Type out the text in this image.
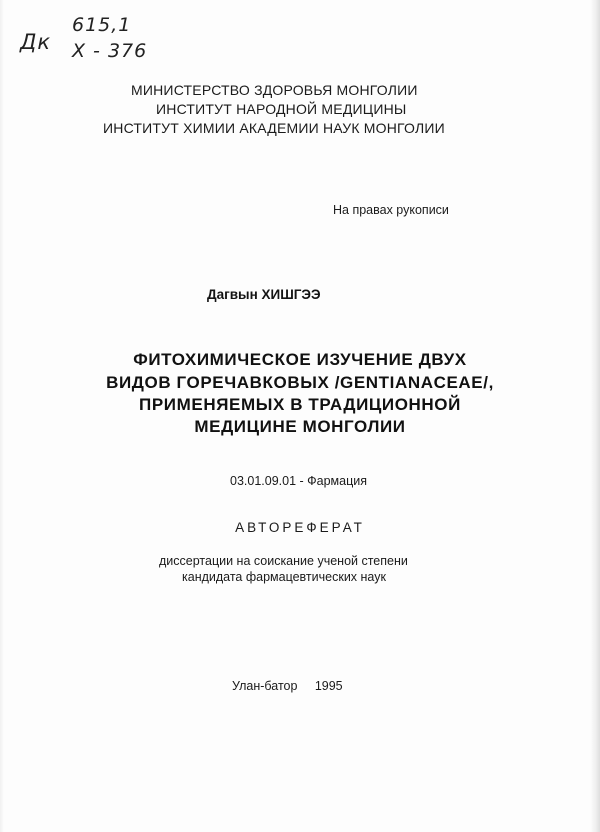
Дк
615,1
X - 376
МИНИСТЕРСТВО ЗДОРОВЬЯ МОНГОЛИИ
ИНСТИТУТ НАРОДНОЙ МЕДИЦИНЫ
ИНСТИТУТ ХИМИИ АКАДЕМИИ НАУК МОНГОЛИИ
На правах рукописи
Дагвын ХИШГЭЭ
ФИТОХИМИЧЕСКОЕ ИЗУЧЕНИЕ ДВУХ
ВИДОВ ГОРЕЧАВКОВЫХ /GENTIANACEAE/,
ПРИМЕНЯЕМЫХ В ТРАДИЦИОННОЙ
МЕДИЦИНЕ МОНГОЛИИ
03.01.09.01 - Фармация
АВТОРЕФЕРАТ
диссертации на соискание ученой степени
кандидата фармацевтических наук
Улан-батор     1995
